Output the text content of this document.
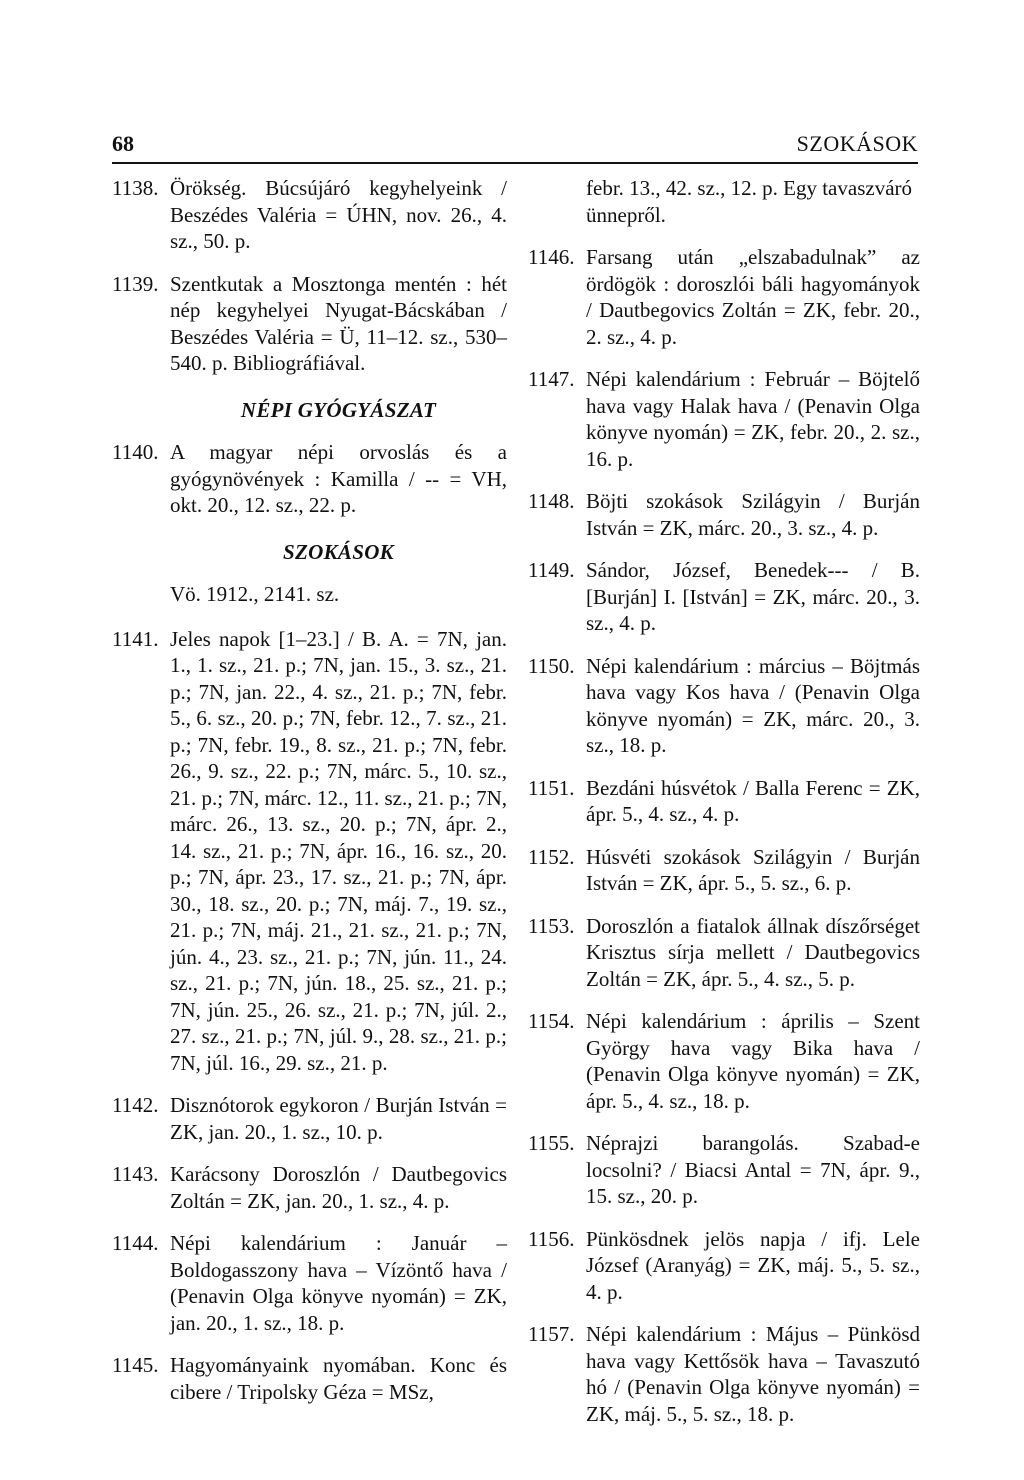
68	SZOKÁSOK
1138. Örökség. Búcsújáró kegyhelyeink / Beszédes Valéria = ÚHN, nov. 26., 4. sz., 50. p.
1139. Szentkutak a Mosztonga mentén : hét nép kegyhelyei Nyugat-Bácskában / Beszédes Valéria = Ü, 11–12. sz., 530–540. p. Bibliográfiával.
NÉPI GYÓGYÁSZAT
1140. A magyar népi orvoslás és a gyógynövények : Kamilla / -- = VH, okt. 20., 12. sz., 22. p.
SZOKÁSOK
Vö. 1912., 2141. sz.
1141. Jeles napok [1–23.] / B. A. = 7N, jan. 1., 1. sz., 21. p.; 7N, jan. 15., 3. sz., 21. p.; 7N, jan. 22., 4. sz., 21. p.; 7N, febr. 5., 6. sz., 20. p.; 7N, febr. 12., 7. sz., 21. p.; 7N, febr. 19., 8. sz., 21. p.; 7N, febr. 26., 9. sz., 22. p.; 7N, márc. 5., 10. sz., 21. p.; 7N, márc. 12., 11. sz., 21. p.; 7N, márc. 26., 13. sz., 20. p.; 7N, ápr. 2., 14. sz., 21. p.; 7N, ápr. 16., 16. sz., 20. p.; 7N, ápr. 23., 17. sz., 21. p.; 7N, ápr. 30., 18. sz., 20. p.; 7N, máj. 7., 19. sz., 21. p.; 7N, máj. 21., 21. sz., 21. p.; 7N, jún. 4., 23. sz., 21. p.; 7N, jún. 11., 24. sz., 21. p.; 7N, jún. 18., 25. sz., 21. p.; 7N, jún. 25., 26. sz., 21. p.; 7N, júl. 2., 27. sz., 21. p.; 7N, júl. 9., 28. sz., 21. p.; 7N, júl. 16., 29. sz., 21. p.
1142. Disznótorok egykoron / Burján István = ZK, jan. 20., 1. sz., 10. p.
1143. Karácsony Doroszlón / Dautbegovics Zoltán = ZK, jan. 20., 1. sz., 4. p.
1144. Népi kalendárium : Január – Boldogasszony hava – Vízöntő hava / (Penavin Olga könyve nyomán) = ZK, jan. 20., 1. sz., 18. p.
1145. Hagyományaink nyomában. Konc és cibere / Tripolsky Géza = MSz,
febr. 13., 42. sz., 12. p. Egy tavaszváró ünnepről.
1146. Farsang után „elszabadulnak” az ördögök : doroszlói báli hagyományok / Dautbegovics Zoltán = ZK, febr. 20., 2. sz., 4. p.
1147. Népi kalendárium : Február – Böjtelő hava vagy Halak hava / (Penavin Olga könyve nyomán) = ZK, febr. 20., 2. sz., 16. p.
1148. Böjti szokások Szilágyin / Burján István = ZK, márc. 20., 3. sz., 4. p.
1149. Sándor, József, Benedek--- / B. [Burján] I. [István] = ZK, márc. 20., 3. sz., 4. p.
1150. Népi kalendárium : március – Böjtmás hava vagy Kos hava / (Penavin Olga könyve nyomán) = ZK, márc. 20., 3. sz., 18. p.
1151. Bezdáni húsvétok / Balla Ferenc = ZK, ápr. 5., 4. sz., 4. p.
1152. Húsvéti szokások Szilágyin / Burján István = ZK, ápr. 5., 5. sz., 6. p.
1153. Doroszlón a fiatalok állnak díszőrséget Krisztus sírja mellett / Dautbegovics Zoltán = ZK, ápr. 5., 4. sz., 5. p.
1154. Népi kalendárium : április – Szent György hava vagy Bika hava / (Penavin Olga könyve nyomán) = ZK, ápr. 5., 4. sz., 18. p.
1155. Néprajzi barangolás. Szabad-e locsolni? / Biacsi Antal = 7N, ápr. 9., 15. sz., 20. p.
1156. Pünkösdnek jelös napja / ifj. Lele József (Aranyág) = ZK, máj. 5., 5. sz., 4. p.
1157. Népi kalendárium : Május – Pünkösd hava vagy Kettősök hava – Tavaszutó hó / (Penavin Olga könyve nyomán) = ZK, máj. 5., 5. sz., 18. p.
